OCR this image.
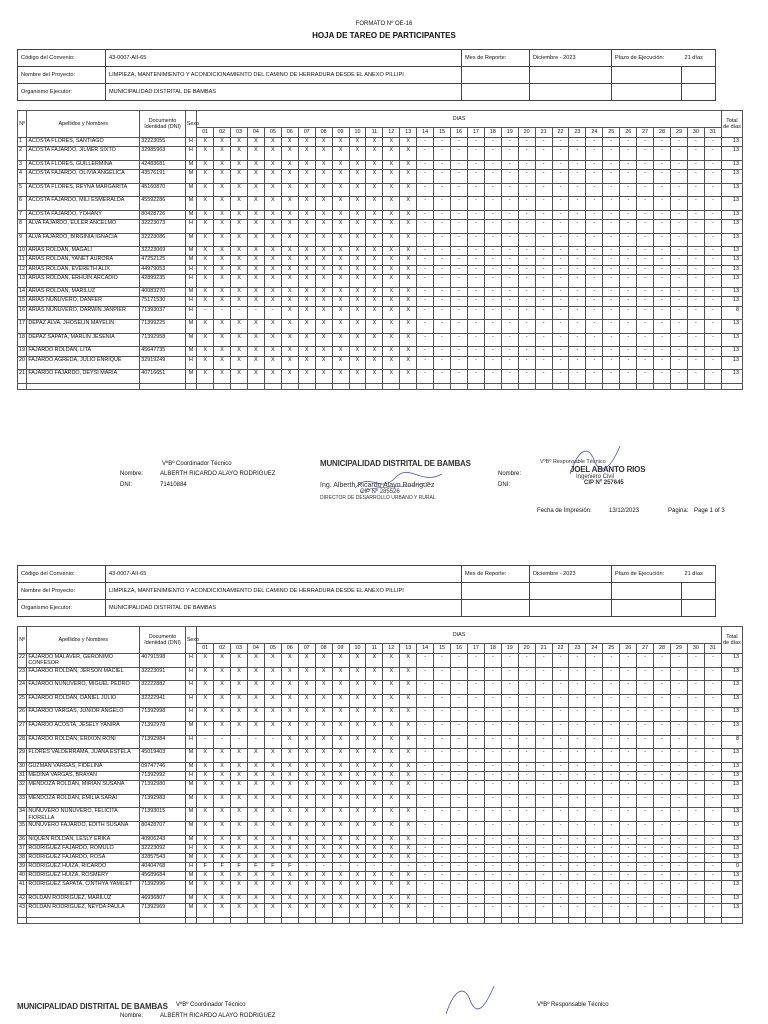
FORMATO Nº OE-16
HOJA DE TAREO DE PARTICIPANTES
Código del Convenio:	43-0007-AII-65	Mes de Reporte:	Diciembre - 2023	Plazo de Ejecución:	21 días
Nombre del Proyecto:	LIMPIEZA, MANTENIMIENTO Y ACONDICIONAMIENTO DEL CAMINO DE HERRADURA DESDE EL ANEXO PILLIPI				
Organismo Ejecutor:	MUNICIPALIDAD DISTRITAL DE BAMBAS				
Nº	Apellidos y Nombres	Documento Identidad (DNI)	Sexo	DIAS																															Total de días
				01	02	03	04	05	06	07	08	09	10	11	12	13	14	15	16	17	18	19	20	21	22	23	24	25	26	27	28	29	30	31	
1	ACOSTA FLORES, SANTIAGO	32223055	H	X	X	X	X	X	X	X	X	X	X	X	X	X	-	-	-	-	-	-	-	-	-	-	-	-	-	-	-	-	-	-	13
2	ACOSTA FAJARDO, JILMER SIXTO	32985963	H	X	X	X	X	X	X	X	X	X	X	X	X	X	-	-	-	-	-	-	-	-	-	-	-	-	-	-	-	-	-	-	13
3	ACOSTA FLORES, GUILLERMINA	42483681	M	X	X	X	X	X	X	X	X	X	X	X	X	X	-	-	-	-	-	-	-	-	-	-	-	-	-	-	-	-	-	-	13
4	ACOSTA FAJARDO, OLIVIA ANGELICA	43576191	M	X	X	X	X	X	X	X	X	X	X	X	X	X	-	-	-	-	-	-	-	-	-	-	-	-	-	-	-	-	-	-	13
5	ACOSTA FLORES, REYNA MARGARITA	45160870	M	X	X	X	X	X	X	X	X	X	X	X	X	X	-	-	-	-	-	-	-	-	-	-	-	-	-	-	-	-	-	-	13
6	ACOSTA FAJARDO, MILI ESMERALDA	45592286	M	X	X	X	X	X	X	X	X	X	X	X	X	X	-	-	-	-	-	-	-	-	-	-	-	-	-	-	-	-	-	-	13
7	ACOSTA FAJARDO, YOHANY	80428726	M	X	X	X	X	X	X	X	X	X	X	X	X	X	-	-	-	-	-	-	-	-	-	-	-	-	-	-	-	-	-	-	13
8	ALVA FAJARDO, EULER ANCELMO	32223073	H	X	X	X	X	X	X	X	X	X	X	X	X	X	-	-	-	-	-	-	-	-	-	-	-	-	-	-	-	-	-	-	13
9	ALVA FAJARDO, BIRGINIA IGNACIA	32223086	M	X	X	X	X	X	X	X	X	X	X	X	X	X	-	-	-	-	-	-	-	-	-	-	-	-	-	-	-	-	-	-	13
10	ARIAS ROLDAN, MAGALI	32223069	M	X	X	X	X	X	X	X	X	X	X	X	X	X	-	-	-	-	-	-	-	-	-	-	-	-	-	-	-	-	-	-	13
11	ARIAS ROLDAN, YANET AURORA	47252125	M	X	X	X	X	X	X	X	X	X	X	X	X	X	-	-	-	-	-	-	-	-	-	-	-	-	-	-	-	-	-	-	13
12	ARIAS ROLDAN, EVERETH ALIX	44979053	H	X	X	X	X	X	X	X	X	X	X	X	X	X	-	-	-	-	-	-	-	-	-	-	-	-	-	-	-	-	-	-	13
13	ARIAS ROLDAN, ERHUIN ARCADIO	42899235	H	X	X	X	X	X	X	X	X	X	X	X	X	X	-	-	-	-	-	-	-	-	-	-	-	-	-	-	-	-	-	-	13
14	ARIAS ROLDAN, MARILUZ	40083270	M	X	X	X	X	X	X	X	X	X	X	X	X	X	-	-	-	-	-	-	-	-	-	-	-	-	-	-	-	-	-	-	13
15	ARIAS NUÑUVERO, DANFER	75171530	H	X	X	X	X	X	X	X	X	X	X	X	X	X	-	-	-	-	-	-	-	-	-	-	-	-	-	-	-	-	-	-	13
16	ARIAS NUÑUVERO, DARWIN JANPIER	71393037	H	-	-	-	-	-	X	X	X	X	X	X	X	X	-	-	-	-	-	-	-	-	-	-	-	-	-	-	-	-	-	-	8
17	DEPAZ ALVA, JHOSELIN MAYELIN	71399225	M	X	X	X	X	X	X	X	X	X	X	X	X	X	-	-	-	-	-	-	-	-	-	-	-	-	-	-	-	-	-	-	13
18	DEPAZ SAPATA, MARLIN JESENIA	71392958	M	X	X	X	X	X	X	X	X	X	X	X	X	X	-	-	-	-	-	-	-	-	-	-	-	-	-	-	-	-	-	-	13
19	FAJARDO ROLDAN, LITA	45647735	M	X	X	X	X	X	X	X	X	X	X	X	X	X	-	-	-	-	-	-	-	-	-	-	-	-	-	-	-	-	-	-	13
20	FAJARDO AGREDA, JULIO ENRIQUE	32919249	H	X	X	X	X	X	X	X	X	X	X	X	X	X	-	-	-	-	-	-	-	-	-	-	-	-	-	-	-	-	-	-	13
21	FAJARDO FAJARDO, DEYSI MARIA	40716651	M	X	X	X	X	X	X	X	X	X	X	X	X	X	-	-	-	-	-	-	-	-	-	-	-	-	-	-	-	-	-	-	13

VºBº Coordinador Técnico
Nombre:	ALBERTH RICARDO ALAYO RODRIGUEZ
DNI:	71410884
MUNICIPALIDAD DISTRITAL DE BAMBAS
Ing. Alberth Ricardo Alayo Rodriguez
CIP Nº 285526
DIRECTOR DE DESARROLLO URBANO Y RURAL
Nombre:
DNI:
VºBº Responsable Técnico
JOEL ABANTO RIOS
Ingeniero Civil
CIP Nº 257645
Fecha de Impresión:	13/12/2023	Página: Page 1 of 3
Código del Convenio:	43-0007-AII-65	Mes de Reporte:	Diciembre - 2023	Plazo de Ejecución:	21 días
Nombre del Proyecto:	LIMPIEZA, MANTENIMIENTO Y ACONDICIONAMIENTO DEL CAMINO DE HERRADURA DESDE EL ANEXO PILLIPI				
Organismo Ejecutor:	MUNICIPALIDAD DISTRITAL DE BAMBAS				
Nº	Apellidos y Nombres	Documento Identidad (DNI)	Sexo	DIAS																															Total de días
				01	02	03	04	05	06	07	08	09	10	11	12	13	14	15	16	17	18	19	20	21	22	23	24	25	26	27	28	29	30	31	
22	FAJARDO MALAVER, GERONIMO CONFESOR	40791598	H	X	X	X	X	X	X	X	X	X	X	X	X	X	-	-	-	-	-	-	-	-	-	-	-	-	-	-	-	-	-	-	13
23	FAJARDO ROLDAN, JERSON MACIEL	32223091	H	X	X	X	X	X	X	X	X	X	X	X	X	X	-	-	-	-	-	-	-	-	-	-	-	-	-	-	-	-	-	-	13
24	FAJARDO NUÑUVERO, MIGUEL PEDRO	32222882	H	X	X	X	X	X	X	X	X	X	X	X	X	X	-	-	-	-	-	-	-	-	-	-	-	-	-	-	-	-	-	-	13
25	FAJARDO ROLDAN, DANIEL JULIO	32222941	H	X	X	X	X	X	X	X	X	X	X	X	X	X	-	-	-	-	-	-	-	-	-	-	-	-	-	-	-	-	-	-	13
26	FAJARDO VARGAS, JUNIOR ANGELO	71392998	H	X	X	X	X	X	X	X	X	X	X	X	X	X	-	-	-	-	-	-	-	-	-	-	-	-	-	-	-	-	-	-	13
27	FAJARDO ACOSTA, JESELY YANIRA	71392978	M	X	X	X	X	X	X	X	X	X	X	X	X	X	-	-	-	-	-	-	-	-	-	-	-	-	-	-	-	-	-	-	13
28	FAJARDO ROLDAN, ERIXON RONI	71392984	H	-	-	-	-	-	X	X	X	X	X	X	X	X	-	-	-	-	-	-	-	-	-	-	-	-	-	-	-	-	-	-	8
29	FLORES VALDERRAMA, JUANA ESTELA	45019403	M	X	X	X	X	X	X	X	X	X	X	X	X	X	-	-	-	-	-	-	-	-	-	-	-	-	-	-	-	-	-	-	13
30	GUZMAN VARGAS, FIDELINA	09747746	M	X	X	X	X	X	X	X	X	X	X	X	X	X	-	-	-	-	-	-	-	-	-	-	-	-	-	-	-	-	-	-	13
31	MEDINA VARGAS, BRAYAN	71392992	H	X	X	X	X	X	X	X	X	X	X	X	X	X	-	-	-	-	-	-	-	-	-	-	-	-	-	-	-	-	-	-	13
32	MENDOZA ROLDAN, MIRIAN SUSANA	71392980	M	X	X	X	X	X	X	X	X	X	X	X	X	X	-	-	-	-	-	-	-	-	-	-	-	-	-	-	-	-	-	-	13
33	MENDOZA ROLDAN, EMILIA SARAI	71392983	M	X	X	X	X	X	X	X	X	X	X	X	X	X	-	-	-	-	-	-	-	-	-	-	-	-	-	-	-	-	-	-	13
34	NUÑUVERO NUÑUVERO, FELICITA FIORELLA	71393015	M	X	X	X	X	X	X	X	X	X	X	X	X	X	-	-	-	-	-	-	-	-	-	-	-	-	-	-	-	-	-	-	13
35	NUÑUVERO FAJARDO, EDITH SUSANA	80428707	M	X	X	X	X	X	X	X	X	X	X	X	X	X	-	-	-	-	-	-	-	-	-	-	-	-	-	-	-	-	-	-	13
36	NIQUEN ROLDAN, LESLY ERIKA	40906243	M	X	X	X	X	X	X	X	X	X	X	X	X	X	-	-	-	-	-	-	-	-	-	-	-	-	-	-	-	-	-	-	13
37	RODRIGUEZ FAJARDO, ROMULO	32223092	H	X	X	X	X	X	X	X	X	X	X	X	X	X	-	-	-	-	-	-	-	-	-	-	-	-	-	-	-	-	-	-	13
38	RODRIGUEZ FAJARDO, ROSA	32857543	M	X	X	X	X	X	X	X	X	X	X	X	X	X	-	-	-	-	-	-	-	-	-	-	-	-	-	-	-	-	-	-	13
39	RODRIGUEZ HUIZA, RICARDO	40404768	H	F	F	F	F	F	F	-	-	-	-	-	-	-	-	-	-	-	-	-	-	-	-	-	-	-	-	-	-	-	-	-	0
40	RODRIGUEZ HUIZA, ROSMERY	45689684	M	X	X	X	X	X	X	X	X	X	X	X	X	X	-	-	-	-	-	-	-	-	-	-	-	-	-	-	-	-	-	-	13
41	RODRIGUEZ SAPATA, CINTHYA YAMILET	71392996	M	X	X	X	X	X	X	X	X	X	X	X	X	X	-	-	-	-	-	-	-	-	-	-	-	-	-	-	-	-	-	-	13
42	ROLDAN RODRIGUEZ, MARILUZ	46936807	M	X	X	X	X	X	X	X	X	X	X	X	X	X	-	-	-	-	-	-	-	-	-	-	-	-	-	-	-	-	-	-	13
43	ROLDAN RODRIGUEZ, NEYDA PAULA	71392969	M	X	X	X	X	X	X	X	X	X	X	X	X	X	-	-	-	-	-	-	-	-	-	-	-	-	-	-	-	-	-	-	13

MUNICIPALIDAD DISTRITAL DE BAMBAS VºBº Coordinador Técnico
Nombre:	ALBERTH RICARDO ALAYO RODRIGUEZ
VºBº Responsable Técnico
